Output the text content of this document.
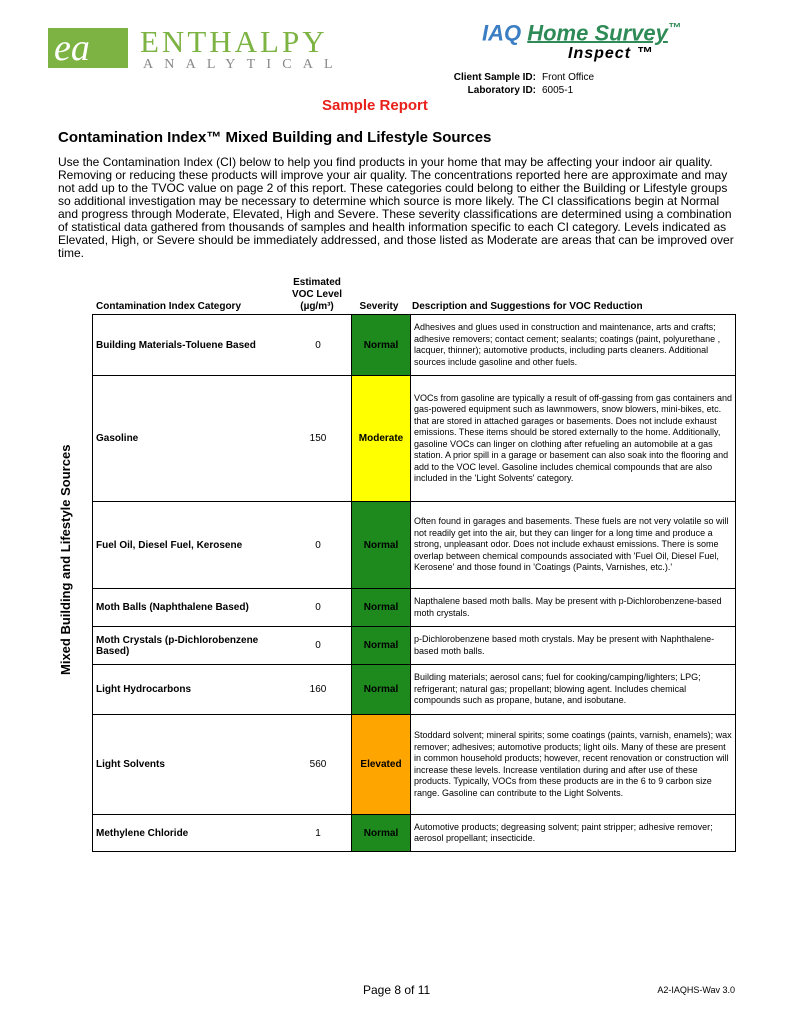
ea ENTHALPY
ANALYTICAL
IAQ Home Survey™
Inspect ™
Client Sample ID: Front Office
Laboratory ID: 6005-1
Sample Report
Contamination Index™ Mixed Building and Lifestyle Sources
Use the Contamination Index (CI) below to help you find products in your home that may be affecting your indoor air quality. Removing or reducing these products will improve your air quality. The concentrations reported here are approximate and may not add up to the TVOC value on page 2 of this report. These categories could belong to either the Building or Lifestyle groups so additional investigation may be necessary to determine which source is more likely. The CI classifications begin at Normal and progress through Moderate, Elevated, High and Severe. These severity classifications are determined using a combination of statistical data gathered from thousands of samples and health information specific to each CI category. Levels indicated as Elevated, High, or Severe should be immediately addressed, and those listed as Moderate are areas that can be improved over time.
Mixed Building and Lifestyle Sources
Contamination Index Category
Estimated
VOC Level
(µg/m³)	Severity	Description and Suggestions for VOC Reduction
Building Materials-Toluene Based	0	Normal
Adhesives and glues used in construction and maintenance, arts and crafts; adhesive removers; contact cement; sealants; coatings (paint, polyurethane , lacquer, thinner); automotive products, including parts cleaners. Additional sources include gasoline and other fuels.
Gasoline	150	Moderate
VOCs from gasoline are typically a result of off-gassing from gas containers and gas-powered equipment such as lawnmowers, snow blowers, mini-bikes, etc. that are stored in attached garages or basements. Does not include exhaust emissions. These items should be stored externally to the home. Additionally, gasoline VOCs can linger on clothing after refueling an automobile at a gas station. A prior spill in a garage or basement can also soak into the flooring and add to the VOC level. Gasoline includes chemical compounds that are also included in the 'Light Solvents' category.
Fuel Oil, Diesel Fuel, Kerosene	0	Normal
Often found in garages and basements. These fuels are not very volatile so will not readily get into the air, but they can linger for a long time and produce a strong, unpleasant odor. Does not include exhaust emissions. There is some overlap between chemical compounds associated with 'Fuel Oil, Diesel Fuel, Kerosene' and those found in 'Coatings (Paints, Varnishes, etc.).'
Moth Balls (Naphthalene Based)	0	Normal
Napthalene based moth balls. May be present with p-Dichlorobenzene-based moth crystals.
Moth Crystals (p-Dichlorobenzene Based)	0	Normal
p-Dichlorobenzene based moth crystals. May be present with Naphthalene-based moth balls.
Light Hydrocarbons	160	Normal
Building materials; aerosol cans; fuel for cooking/camping/lighters; LPG; refrigerant; natural gas; propellant; blowing agent. Includes chemical compounds such as propane, butane, and isobutane.
Light Solvents	560	Elevated
Stoddard solvent; mineral spirits; some coatings (paints, varnish, enamels); wax remover; adhesives; automotive products; light oils. Many of these are present in common household products; however, recent renovation or construction will increase these levels. Increase ventilation during and after use of these products. Typically, VOCs from these products are in the 6 to 9 carbon size range. Gasoline can contribute to the Light Solvents.
Methylene Chloride	1	Normal
Automotive products; degreasing solvent; paint stripper; adhesive remover; aerosol propellant; insecticide.
Page 8 of 11	A2-IAQHS-Wav 3.0
